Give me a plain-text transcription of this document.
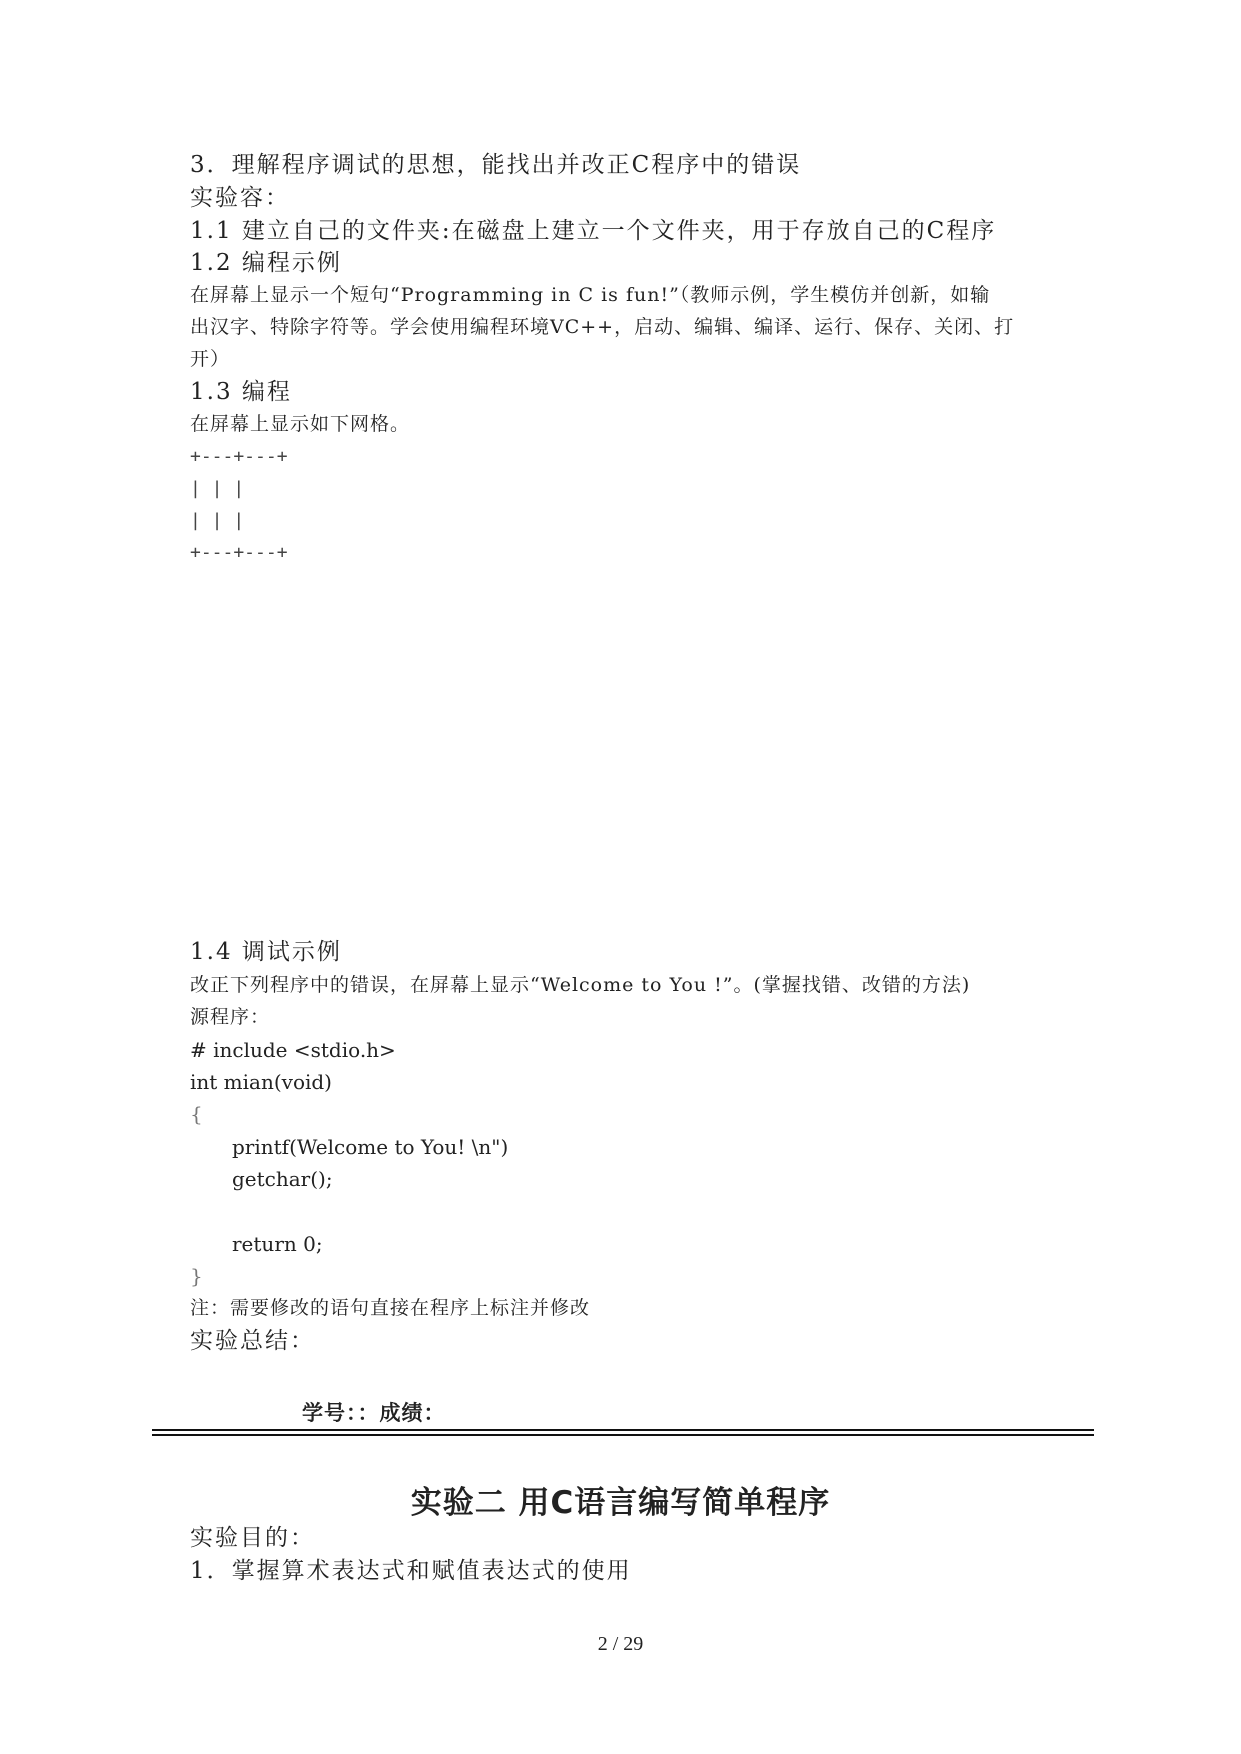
3．理解程序调试的思想，能找出并改正C程序中的错误
实验容：
1.1 建立自己的文件夹:在磁盘上建立一个文件夹，用于存放自己的C程序
1.2 编程示例
在屏幕上显示一个短句“Programming in C is fun!”（教师示例，学生模仿并创新，如输
出汉字、特除字符等。学会使用编程环境VC++，启动、编辑、编译、运行、保存、关闭、打
开）
1.3 编程
在屏幕上显示如下网格。
+---+---+
| | |
| | |
+---+---+
1.4 调试示例
改正下列程序中的错误，在屏幕上显示“Welcome to You !”。(掌握找错、改错的方法)
源程序：
# include <stdio.h>
int mian(void)
{
printf(Welcome to You! \n")
getchar();
return 0;
}
注：需要修改的语句直接在程序上标注并修改
实验总结：
学号：：成绩：
实验二 用C语言编写简单程序
实验目的：
1．掌握算术表达式和赋值表达式的使用
2 / 29
